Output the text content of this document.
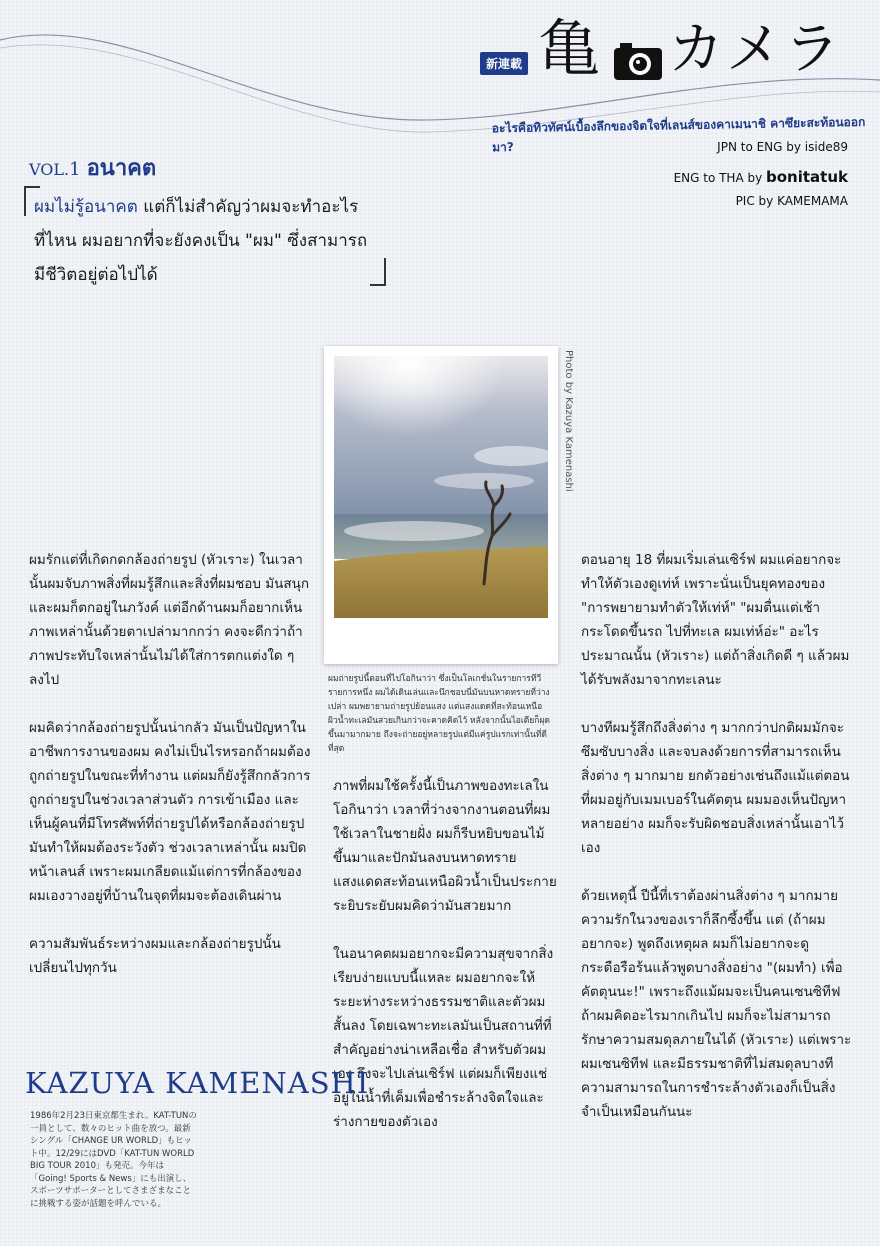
新連載 亀 カメラ
อะไรคือทิวทัศน์เบื้องลึกของจิตใจที่เลนส์ของคาเมนาชิ คาซึยะสะท้อนออกมา?	JPN to ENG by iside89
ENG to THA by bonitatuk
PIC by KAMEMAMA
VOL.1 อนาคต
ผมไม่รู้อนาคต แต่ก็ไม่สำคัญว่าผมจะทำอะไร
ที่ไหน ผมอยากที่จะยังคงเป็น "ผม" ซึ่งสามารถ
มีชีวิตอยู่ต่อไปได้
Photo by Kazuya Kamenashi
ผมถ่ายรูปนี้ตอนที่ไปโอกินาว่า ซึ่งเป็นโลเกชั่นในรายการทีวีรายการหนึ่ง ผมได้เดินเล่นและนึกชอบนี่มันบนหาดทรายที่ว่างเปล่า ผมพยายามถ่ายรูปย้อนแสง แต่แสงแดดที่สะท้อนเหนือผิวน้ำทะเลมันสวยเกินกว่าจะคาดคิดไว้ หลังจากนั้นไอเดียก็ผุดขึ้นมามากมาย ถึงจะถ่ายอยู่หลายรูปแต่มีแค่รูปแรกเท่านั้นที่ดีที่สุด

ผมรักแต่ที่เกิดกดกล้องถ่ายรูป (หัวเราะ) ในเวลานั้นผมจับภาพสิ่งที่ผมรู้สึกและสิ่งที่ผมชอบ มันสนุกและผมก็ตกอยู่ในภวังค์ แต่อีกด้านผมก็อยากเห็นภาพเหล่านั้นด้วยตาเปล่ามากกว่า คงจะดีกว่าถ้าภาพประทับใจเหล่านั้นไม่ได้ใส่การตกแต่งใด ๆ ลงไป

ผมคิดว่ากล้องถ่ายรูปนั้นน่ากลัว มันเป็นปัญหาในอาชีพการงานของผม คงไม่เป็นไรหรอกถ้าผมต้องถูกถ่ายรูปในขณะที่ทำงาน แต่ผมก็ยังรู้สึกกลัวการถูกถ่ายรูปในช่วงเวลาส่วนตัว การเข้าเมือง และเห็นผู้คนที่มีโทรศัพท์ที่ถ่ายรูปได้หรือกล้องถ่ายรูป มันทำให้ผมต้องระวังตัว ช่วงเวลาเหล่านั้น ผมปิดหน้าเลนส์ เพราะผมเกลียดแม้แต่การที่กล้องของผมเองวางอยู่ที่บ้านในจุดที่ผมจะต้องเดินผ่าน

ความสัมพันธ์ระหว่างผมและกล้องถ่ายรูปนั้นเปลี่ยนไปทุกวัน

ภาพที่ผมใช้ครั้งนี้เป็นภาพของทะเลในโอกินาว่า เวลาที่ว่างจากงานตอนที่ผมใช้เวลาในชายฝั่ง ผมก็รีบหยิบขอนไม้ขึ้นมาและปักมันลงบนหาดทราย แสงแดดสะท้อนเหนือผิวน้ำเป็นประกายระยิบระยับผมคิดว่ามันสวยมาก

ในอนาคตผมอยากจะมีความสุขจากสิ่งเรียบง่ายแบบนี้แหละ ผมอยากจะให้ระยะห่างระหว่างธรรมชาติและตัวผมสั้นลง โดยเฉพาะทะเลมันเป็นสถานที่ที่สำคัญอย่างน่าเหลือเชื่อ สำหรับตัวผมเอง ถึงจะไปเล่นเซิร์ฟ แต่ผมก็เพียงแช่อยู่ในน้ำที่เค็มเพื่อชำระล้างจิตใจและร่างกายของตัวเอง

ตอนอายุ 18 ที่ผมเริ่มเล่นเซิร์ฟ ผมแค่อยากจะทำให้ตัวเองดูเท่ห์ เพราะนั่นเป็นยุคทองของ "การพยายามทำตัวให้เท่ห์" "ผมตื่นแต่เช้ากระโดดขึ้นรถ ไปที่ทะเล ผมเท่ห์อ่ะ" อะไรประมาณนั้น (หัวเราะ) แต่ถ้าสิ่งเกิดดี ๆ แล้วผมได้รับพลังมาจากทะเลนะ

บางทีผมรู้สึกถึงสิ่งต่าง ๆ มากกว่าปกติผมมักจะซึมซับบางสิ่ง และจบลงด้วยการที่สามารถเห็นสิ่งต่าง ๆ มากมาย ยกตัวอย่างเช่นถึงแม้แต่ตอนที่ผมอยู่กับเมมเบอร์ในคัตตุน ผมมองเห็นปัญหาหลายอย่าง ผมก็จะรับผิดชอบสิ่งเหล่านั้นเอาไว้เอง

ด้วยเหตุนี้ ปีนี้ที่เราต้องผ่านสิ่งต่าง ๆ มากมาย ความรักในวงของเราก็ลึกซึ้งขึ้น แต่ (ถ้าผมอยากจะ) พูดถึงเหตุผล ผมก็ไม่อยากจะดูกระตือรือร้นแล้วพูดบางสิ่งอย่าง "(ผมทำ) เพื่อคัตตุนนะ!" เพราะถึงแม้ผมจะเป็นคนเซนซิทีฟ ถ้าผมคิดอะไรมากเกินไป ผมก็จะไม่สามารถรักษาความสมดุลภายในได้ (หัวเราะ) แต่เพราะผมเซนซิทีฟ และมีธรรมชาติที่ไม่สมดุลบางทีความสามารถในการชำระล้างตัวเองก็เป็นสิ่งจำเป็นเหมือนกันนะ

KAZUYA KAMENASHI
1986年2月23日東京都生まれ。KAT-TUNの一員として、数々のヒット曲を放つ。最新シングル「CHANGE UR WORLD」もヒット中。12/29にはDVD「KAT-TUN WORLD BIG TOUR 2010」も発売。今年は「Going! Sports & News」にも出演し、スポーツサポーターとしてさまざまなことに挑戦する姿が話題を呼んでいる。
